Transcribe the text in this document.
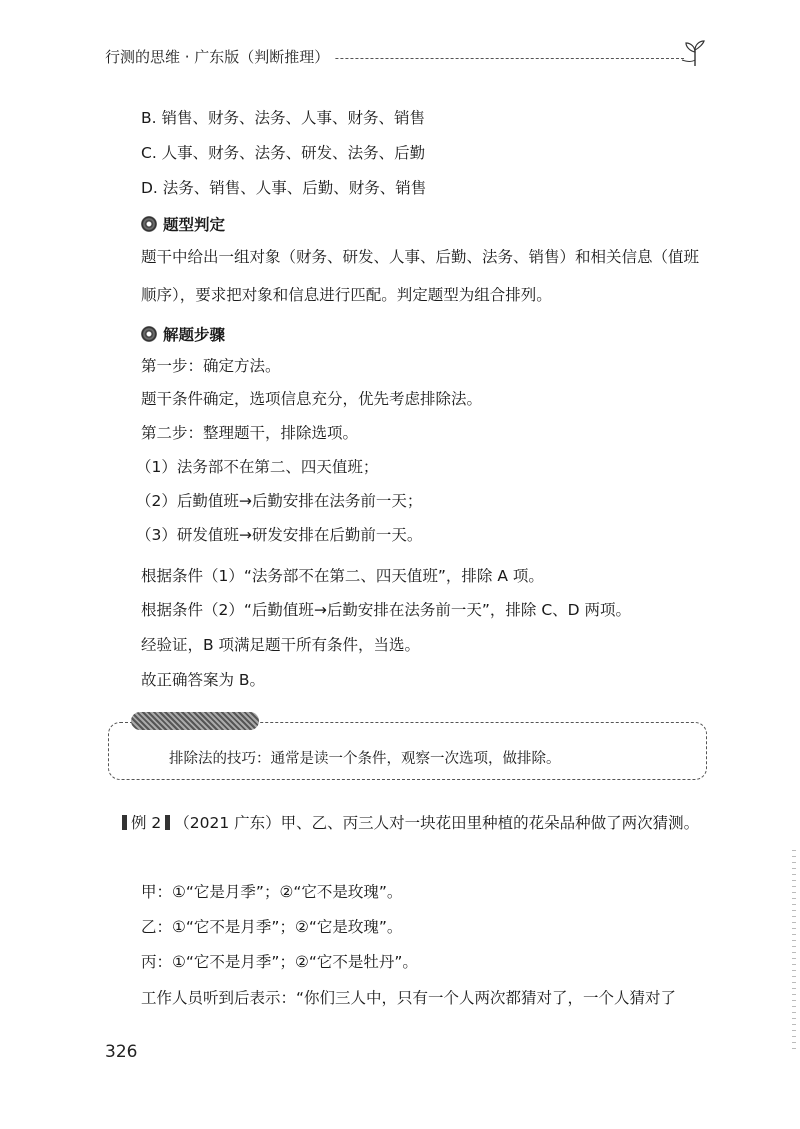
行测的思维 · 广东版（判断推理）
B. 销售、财务、法务、人事、财务、销售
C. 人事、财务、法务、研发、法务、后勤
D. 法务、销售、人事、后勤、财务、销售
题型判定
题干中给出一组对象（财务、研发、人事、后勤、法务、销售）和相关信息（值班顺序），要求把对象和信息进行匹配。判定题型为组合排列。
解题步骤
第一步：确定方法。
题干条件确定，选项信息充分，优先考虑排除法。
第二步：整理题干，排除选项。
（1）法务部不在第二、四天值班；
（2）后勤值班→后勤安排在法务前一天；
（3）研发值班→研发安排在后勤前一天。
根据条件（1）“法务部不在第二、四天值班”，排除 A 项。
根据条件（2）“后勤值班→后勤安排在法务前一天”，排除 C、D 两项。
经验证，B 项满足题干所有条件，当选。
故正确答案为 B。
排除法的技巧：通常是读一个条件，观察一次选项，做排除。
例 2 （2021 广东）甲、乙、丙三人对一块花田里种植的花朵品种做了两次猜测。
甲：①“它是月季”；②“它不是玫瑰”。
乙：①“它不是月季”；②“它是玫瑰”。
丙：①“它不是月季”；②“它不是牡丹”。
工作人员听到后表示：“你们三人中，只有一个人两次都猜对了，一个人猜对了
326
